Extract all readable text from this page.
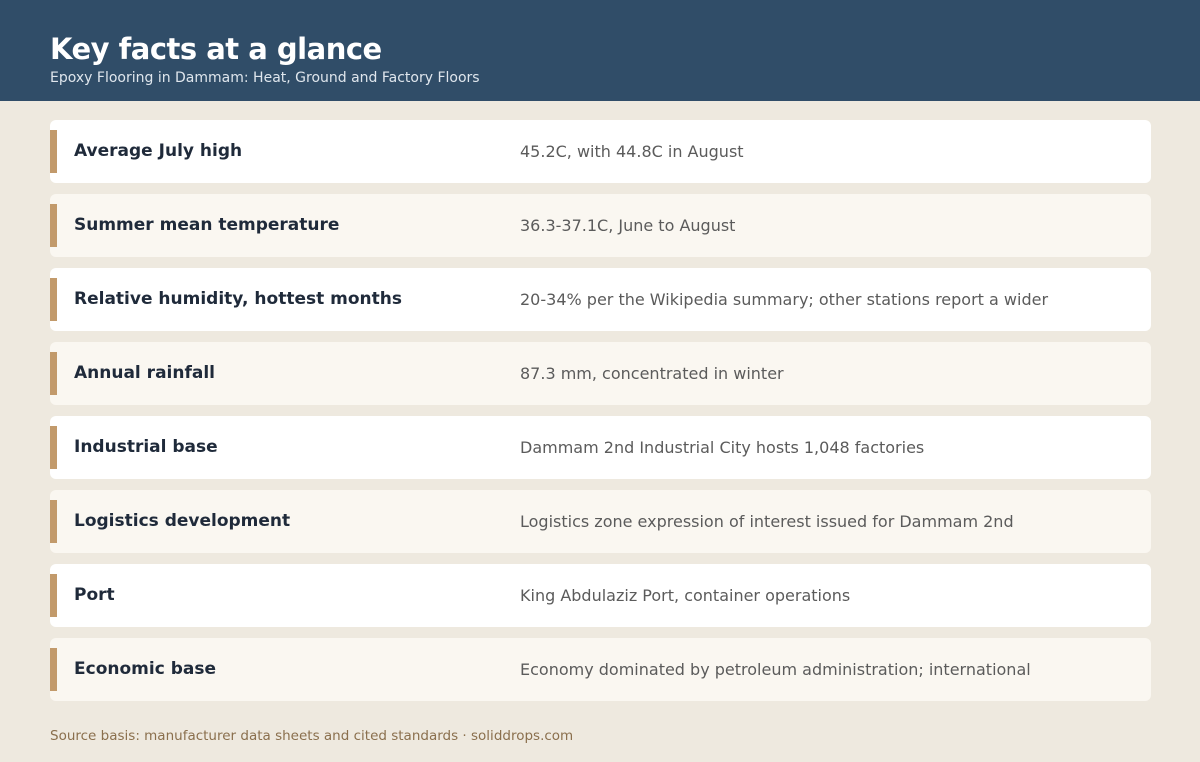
Key facts at a glance
Epoxy Flooring in Dammam: Heat, Ground and Factory Floors
Average July high	45.2C, with 44.8C in August
Summer mean temperature	36.3-37.1C, June to August
Relative humidity, hottest months	20-34% per the Wikipedia summary; other stations report a wider
Annual rainfall	87.3 mm, concentrated in winter
Industrial base	Dammam 2nd Industrial City hosts 1,048 factories
Logistics development	Logistics zone expression of interest issued for Dammam 2nd
Port	King Abdulaziz Port, container operations
Economic base	Economy dominated by petroleum administration; international
Source basis: manufacturer data sheets and cited standards · soliddrops.com
